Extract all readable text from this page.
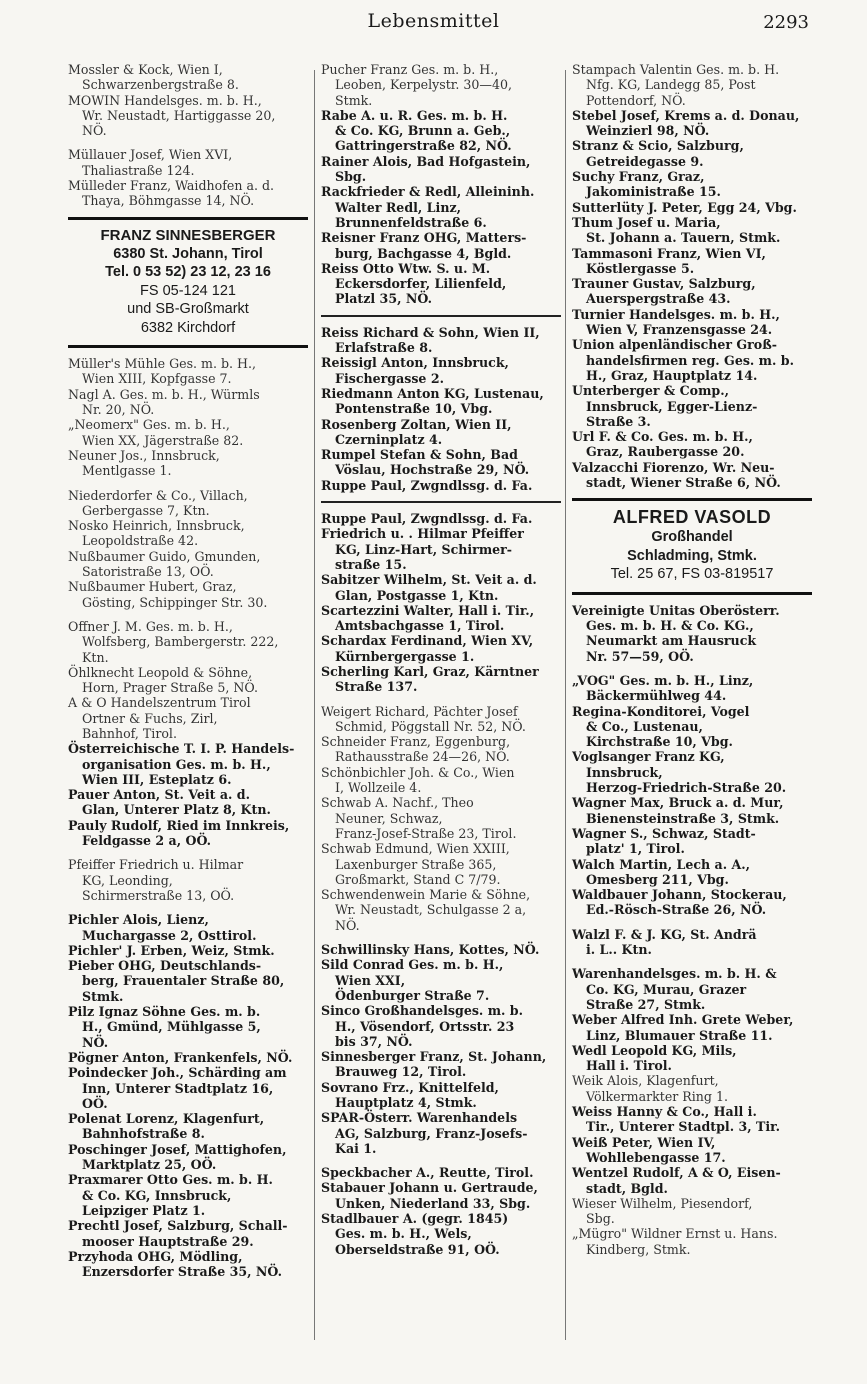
Lebensmittel	2293
Mossler & Kock, Wien I,
Schwarzenbergstraße 8.
MOWIN Handelsges. m. b. H.,
Wr. Neustadt, Hartiggasse 20,
NÖ.
Müllauer Josef, Wien XVI,
Thaliastraße 124.
Mülleder Franz, Waidhofen a. d.
Thaya, Böhmgasse 14, NÖ.
FRANZ SINNESBERGER
6380 St. Johann, Tirol
Tel. 0 53 52) 23 12, 23 16
FS 05-124 121
und SB-Großmarkt
6382 Kirchdorf
Müller's Mühle Ges. m. b. H.,
Wien XIII, Kopfgasse 7.
Nagl A. Ges. m. b. H., Würmls
Nr. 20, NÖ.
„Neomerx" Ges. m. b. H.,
Wien XX, Jägerstraße 82.
Neuner Jos., Innsbruck,
Mentlgasse 1.
Niederdorfer & Co., Villach,
Gerbergasse 7, Ktn.
Nosko Heinrich, Innsbruck,
Leopoldstraße 42.
Nußbaumer Guido, Gmunden,
Satoristraße 13, OÖ.
Nußbaumer Hubert, Graz,
Gösting, Schippinger Str. 30.
Offner J. M. Ges. m. b. H.,
Wolfsberg, Bambergerstr. 222,
Ktn.
Öhlknecht Leopold & Söhne,
Horn, Prager Straße 5, NÖ.
A & O Handelszentrum Tirol
Ortner & Fuchs, Zirl,
Bahnhof, Tirol.
Österreichische T. I. P. Handels-
organisation Ges. m. b. H.,
Wien III, Esteplatz 6.
Pauer Anton, St. Veit a. d.
Glan, Unterer Platz 8, Ktn.
Pauly Rudolf, Ried im Innkreis,
Feldgasse 2 a, OÖ.
Pfeiffer Friedrich u. Hilmar
KG, Leonding,
Schirmerstraße 13, OÖ.
Pichler Alois, Lienz,
Muchargasse 2, Osttirol.
Pichler' J. Erben, Weiz, Stmk.
Pieber OHG, Deutschlands-
berg, Frauentaler Straße 80,
Stmk.
Pilz Ignaz Söhne Ges. m. b.
H., Gmünd, Mühlgasse 5,
NÖ.
Pögner Anton, Frankenfels, NÖ.
Poindecker Joh., Schärding am
Inn, Unterer Stadtplatz 16,
OÖ.
Polenat Lorenz, Klagenfurt,
Bahnhofstraße 8.
Poschinger Josef, Mattighofen,
Marktplatz 25, OÖ.
Praxmarer Otto Ges. m. b. H.
& Co. KG, Innsbruck,
Leipziger Platz 1.
Prechtl Josef, Salzburg, Schall-
mooser Hauptstraße 29.
Przyhoda OHG, Mödling,
Enzersdorfer Straße 35, NÖ.
Pucher Franz Ges. m. b. H.,
Leoben, Kerpelystr. 30—40,
Stmk.
Rabe A. u. R. Ges. m. b. H.
& Co. KG, Brunn a. Geb.,
Gattringerstraße 82, NÖ.
Rainer Alois, Bad Hofgastein,
Sbg.
Rackfrieder & Redl, Alleininh.
Walter Redl, Linz,
Brunnenfeldstraße 6.
Reisner Franz OHG, Matters-
burg, Bachgasse 4, Bgld.
Reiss Otto Wtw. S. u. M.
Eckersdorfer, Lilienfeld,
Platzl 35, NÖ.
Reiss Richard & Sohn, Wien II,
Erlafstraße 8.
Reissigl Anton, Innsbruck,
Fischergasse 2.
Riedmann Anton KG, Lustenau,
Pontenstraße 10, Vbg.
Rosenberg Zoltan, Wien II,
Czerninplatz 4.
Rumpel Stefan & Sohn, Bad
Vöslau, Hochstraße 29, NÖ.
Ruppe Paul, Zwgndlssg. d. Fa.
Ruppe Paul, Zwgndlssg. d. Fa.
Friedrich u. . Hilmar Pfeiffer
KG, Linz-Hart, Schirmer-
straße 15.
Sabitzer Wilhelm, St. Veit a. d.
Glan, Postgasse 1, Ktn.
Scartezzini Walter, Hall i. Tir.,
Amtsbachgasse 1, Tirol.
Schardax Ferdinand, Wien XV,
Kürnbergergasse 1.
Scherling Karl, Graz, Kärntner
Straße 137.
Weigert Richard, Pächter Josef
Schmid, Pöggstall Nr. 52, NÖ.
Schneider Franz, Eggenburg,
Rathausstraße 24—26, NÖ.
Schönbichler Joh. & Co., Wien
I, Wollzeile 4.
Schwab A. Nachf., Theo
Neuner, Schwaz,
Franz-Josef-Straße 23, Tirol.
Schwab Edmund, Wien XXIII,
Laxenburger Straße 365,
Großmarkt, Stand C 7/79.
Schwendenwein Marie & Söhne,
Wr. Neustadt, Schulgasse 2 a,
NÖ.
Schwillinsky Hans, Kottes, NÖ.
Sild Conrad Ges. m. b. H.,
Wien XXI,
Ödenburger Straße 7.
Sinco Großhandelsges. m. b.
H., Vösendorf, Ortsstr. 23
bis 37, NÖ.
Sinnesberger Franz, St. Johann,
Brauweg 12, Tirol.
Sovrano Frz., Knittelfeld,
Hauptplatz 4, Stmk.
SPAR-Österr. Warenhandels
AG, Salzburg, Franz-Josefs-
Kai 1.
Speckbacher A., Reutte, Tirol.
Stabauer Johann u. Gertraude,
Unken, Niederland 33, Sbg.
Stadlbauer A. (gegr. 1845)
Ges. m. b. H., Wels,
Oberseldstraße 91, OÖ.
Stampach Valentin Ges. m. b. H.
Nfg. KG, Landegg 85, Post
Pottendorf, NÖ.
Stebel Josef, Krems a. d. Donau,
Weinzierl 98, NÖ.
Stranz & Scio, Salzburg,
Getreidegasse 9.
Suchy Franz, Graz,
Jakoministraße 15.
Sutterlüty J. Peter, Egg 24, Vbg.
Thum Josef u. Maria,
St. Johann a. Tauern, Stmk.
Tammasoni Franz, Wien VI,
Köstlergasse 5.
Trauner Gustav, Salzburg,
Auerspergstraße 43.
Turnier Handelsges. m. b. H.,
Wien V, Franzensgasse 24.
Union alpenländischer Groß-
handelsfirmen reg. Ges. m. b.
H., Graz, Hauptplatz 14.
Unterberger & Comp.,
Innsbruck, Egger-Lienz-
Straße 3.
Url F. & Co. Ges. m. b. H.,
Graz, Raubergasse 20.
Valzacchi Fiorenzo, Wr. Neu-
stadt, Wiener Straße 6, NÖ.
ALFRED VASOLD
Großhandel
Schladming, Stmk.
Tel. 25 67, FS 03-819517
Vereinigte Unitas Oberösterr.
Ges. m. b. H. & Co. KG.,
Neumarkt am Hausruck
Nr. 57—59, OÖ.
„VOG" Ges. m. b. H., Linz,
Bäckermühlweg 44.
Regina-Konditorei, Vogel
& Co., Lustenau,
Kirchstraße 10, Vbg.
Voglsanger Franz KG,
Innsbruck,
Herzog-Friedrich-Straße 20.
Wagner Max, Bruck a. d. Mur,
Bienensteinstraße 3, Stmk.
Wagner S., Schwaz, Stadt-
platz' 1, Tirol.
Walch Martin, Lech a. A.,
Omesberg 211, Vbg.
Waldbauer Johann, Stockerau,
Ed.-Rösch-Straße 26, NÖ.
Walzl F. & J. KG, St. Andrä
i. L.. Ktn.
Warenhandelsges. m. b. H. &
Co. KG, Murau, Grazer
Straße 27, Stmk.
Weber Alfred Inh. Grete Weber,
Linz, Blumauer Straße 11.
Wedl Leopold KG, Mils,
Hall i. Tirol.
Weik Alois, Klagenfurt,
Völkermarkter Ring 1.
Weiss Hanny & Co., Hall i.
Tir., Unterer Stadtpl. 3, Tir.
Weiß Peter, Wien IV,
Wohllebengasse 17.
Wentzel Rudolf, A & O, Eisen-
stadt, Bgld.
Wieser Wilhelm, Piesendorf,
Sbg.
„Mügro" Wildner Ernst u. Hans.
Kindberg, Stmk.
